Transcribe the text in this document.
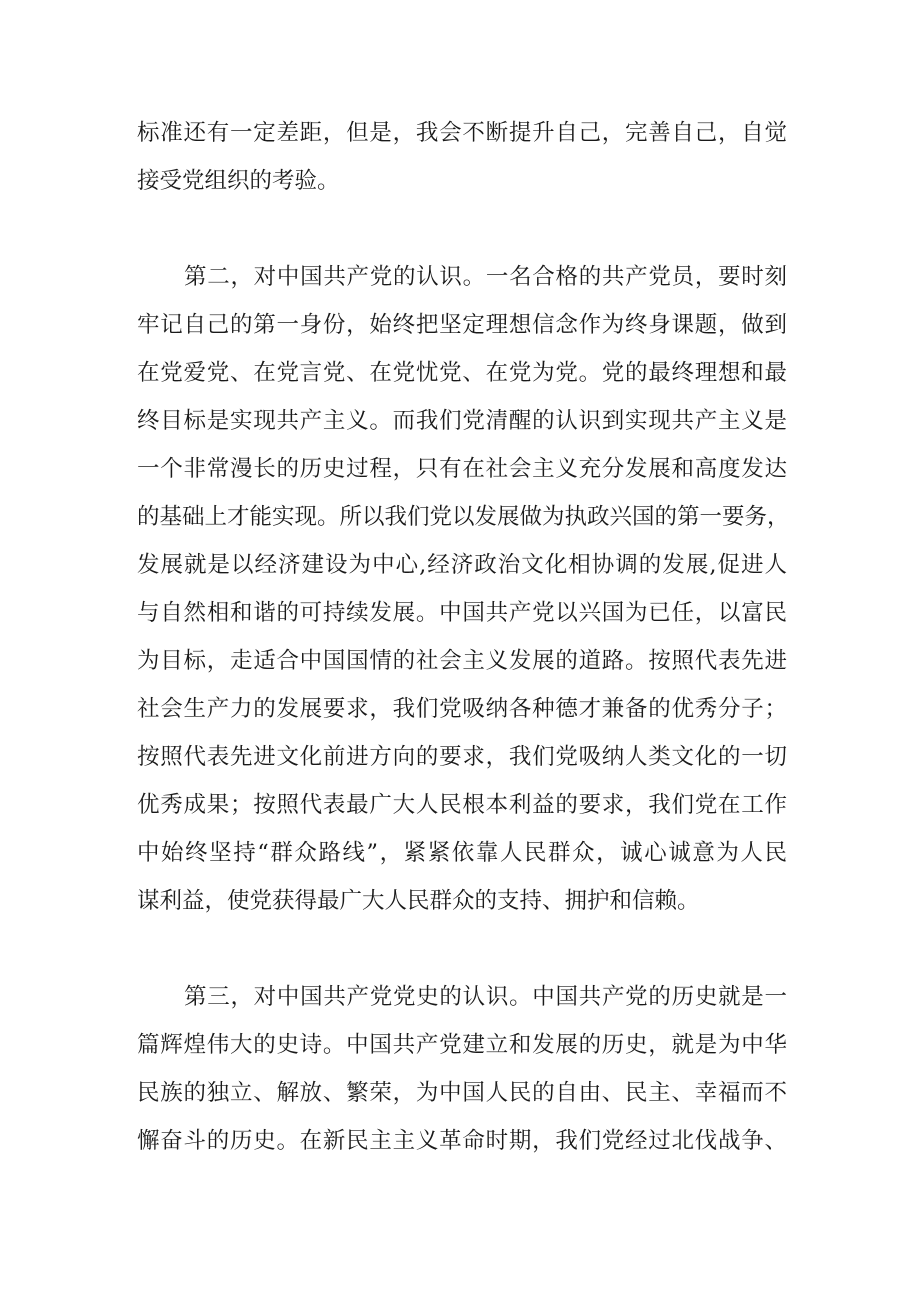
标准还有一定差距，但是，我会不断提升自己，完善自己，自觉
接受党组织的考验。
第二，对中国共产党的认识。一名合格的共产党员，要时刻
牢记自己的第一身份，始终把坚定理想信念作为终身课题，做到
在党爱党、在党言党、在党忧党、在党为党。党的最终理想和最
终目标是实现共产主义。而我们党清醒的认识到实现共产主义是
一个非常漫长的历史过程，只有在社会主义充分发展和高度发达
的基础上才能实现。所以我们党以发展做为执政兴国的第一要务，
发展就是以经济建设为中心,经济政治文化相协调的发展,促进人
与自然相和谐的可持续发展。中国共产党以兴国为已任，以富民
为目标，走适合中国国情的社会主义发展的道路。按照代表先进
社会生产力的发展要求，我们党吸纳各种德才兼备的优秀分子；
按照代表先进文化前进方向的要求，我们党吸纳人类文化的一切
优秀成果；按照代表最广大人民根本利益的要求，我们党在工作
中始终坚持“群众路线”，紧紧依靠人民群众，诚心诚意为人民
谋利益，使党获得最广大人民群众的支持、拥护和信赖。
第三，对中国共产党党史的认识。中国共产党的历史就是一
篇辉煌伟大的史诗。中国共产党建立和发展的历史，就是为中华
民族的独立、解放、繁荣，为中国人民的自由、民主、幸福而不
懈奋斗的历史。在新民主主义革命时期，我们党经过北伐战争、
